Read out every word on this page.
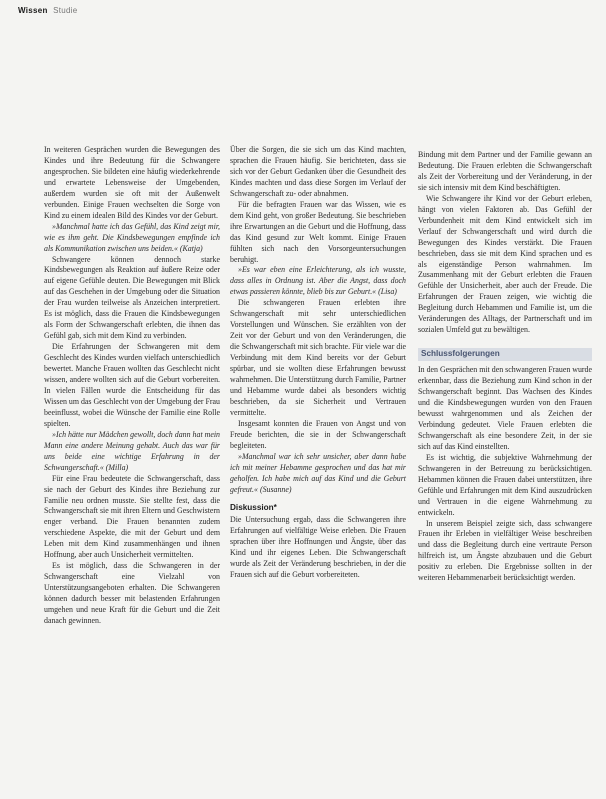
Wissen Studie

In weiteren Gesprächen wurden die Bewegungen des Kindes und ihre Bedeutung für die Schwangere angesprochen. Sie bildeten eine häufig wiederkehrende und erwartete Lebensweise der Umgebenden, außerdem wurden sie oft mit der Außenwelt verbunden. Einige Frauen wechselten die Sorge von Kind zu einem idealen Bild des Kindes vor der Geburt.

»Manchmal hatte ich das Gefühl, das Kind zeigt mir, wie es ihm geht. Die Kindsbewegungen empfinde ich als Kommunikation zwischen uns beiden.« (Katja)

Schwangere können dennoch starke Kindsbewegungen als Reaktion auf äußere Reize oder auf eigene Gefühle deuten. Die Bewegungen mit Blick auf das Geschehen in der Umgebung oder die Situation der Frau wurden teilweise als Anzeichen interpretiert. Es ist möglich, dass die Frauen die Kindsbewegungen als Form der Schwangerschaft erlebten, die ihnen das Gefühl gab, sich mit dem Kind zu verbinden.

Die Erfahrungen der Schwangeren mit dem Geschlecht des Kindes wurden vielfach unterschiedlich bewertet. Manche Frauen wollten das Geschlecht nicht wissen, andere wollten sich auf die Geburt vorbereiten. In vielen Fällen wurde die Entscheidung für das Wissen um das Geschlecht von der Umgebung der Frau beeinflusst, wobei die Wünsche der Familie eine Rolle spielten.

»Ich hätte nur Mädchen gewollt, doch dann hat mein Mann eine andere Meinung gehabt. Auch das war für uns beide eine wichtige Erfahrung in der Schwangerschaft.« (Milla)

Für eine Frau bedeutete die Schwangerschaft, dass sie nach der Geburt des Kindes ihre Beziehung zur Familie neu ordnen musste. Sie stellte fest, dass die Schwangerschaft sie mit ihren Eltern und Geschwistern enger verband. Die Frauen benannten zudem verschiedene Aspekte, die mit der Geburt und dem Leben mit dem Kind zusammenhängen und ihnen Hoffnung, aber auch Unsicherheit vermittelten.

Es ist möglich, dass die Schwangeren in der Schwangerschaft eine Vielzahl von Unterstützungsangeboten erhalten. Die Schwangeren können dadurch besser mit belastenden Erfahrungen umgehen und neue Kraft für die Geburt und die Zeit danach gewinnen.

Über die Sorgen, die sie sich um das Kind machten, sprachen die Frauen häufig. Sie berichteten, dass sie sich vor der Geburt Gedanken über die Gesundheit des Kindes machten und dass diese Sorgen im Verlauf der Schwangerschaft zu- oder abnahmen.

Für die befragten Frauen war das Wissen, wie es dem Kind geht, von großer Bedeutung. Sie beschrieben ihre Erwartungen an die Geburt und die Hoffnung, dass das Kind gesund zur Welt kommt. Einige Frauen fühlten sich nach den Vorsorgeuntersuchungen beruhigt.

»Es war eben eine Erleichterung, als ich wusste, dass alles in Ordnung ist. Aber die Angst, dass doch etwas passieren könnte, blieb bis zur Geburt.« (Lisa)

Die schwangeren Frauen erlebten ihre Schwangerschaft mit sehr unterschiedlichen Vorstellungen und Wünschen. Sie erzählten von der Zeit vor der Geburt und von den Veränderungen, die die Schwangerschaft mit sich brachte. Für viele war die Verbindung mit dem Kind bereits vor der Geburt spürbar, und sie wollten diese Erfahrungen bewusst wahrnehmen. Die Unterstützung durch Familie, Partner und Hebamme wurde dabei als besonders wichtig beschrieben, da sie Sicherheit und Vertrauen vermittelte.

Insgesamt konnten die Frauen von Angst und von Freude berichten, die sie in der Schwangerschaft begleiteten.

»Manchmal war ich sehr unsicher, aber dann habe ich mit meiner Hebamme gesprochen und das hat mir geholfen. Ich habe mich auf das Kind und die Geburt gefreut.« (Susanne)

Diskussion*

Die Untersuchung ergab, dass die Schwangeren ihre Erfahrungen auf vielfältige Weise erleben. Die Frauen sprachen über ihre Hoffnungen und Ängste, über das Kind und ihr eigenes Leben. Die Schwangerschaft wurde als Zeit der Veränderung beschrieben, in der die Frauen sich auf die Geburt vorbereiteten.

Bindung mit dem Partner und der Familie gewann an Bedeutung. Die Frauen erlebten die Schwangerschaft als Zeit der Vorbereitung und der Veränderung, in der sie sich intensiv mit dem Kind beschäftigten.

Wie Schwangere ihr Kind vor der Geburt erleben, hängt von vielen Faktoren ab. Das Gefühl der Verbundenheit mit dem Kind entwickelt sich im Verlauf der Schwangerschaft und wird durch die Bewegungen des Kindes verstärkt. Die Frauen beschrieben, dass sie mit dem Kind sprachen und es als eigenständige Person wahrnahmen. Im Zusammenhang mit der Geburt erlebten die Frauen Gefühle der Unsicherheit, aber auch der Freude. Die Erfahrungen der Frauen zeigen, wie wichtig die Begleitung durch Hebammen und Familie ist, um die Veränderungen des Alltags, der Partnerschaft und im sozialen Umfeld gut zu bewältigen.

Schlussfolgerungen

In den Gesprächen mit den schwangeren Frauen wurde erkennbar, dass die Beziehung zum Kind schon in der Schwangerschaft beginnt. Das Wachsen des Kindes und die Kindsbewegungen wurden von den Frauen bewusst wahrgenommen und als Zeichen der Verbindung gedeutet. Viele Frauen erlebten die Schwangerschaft als eine besondere Zeit, in der sie sich auf das Kind einstellten.

Es ist wichtig, die subjektive Wahrnehmung der Schwangeren in der Betreuung zu berücksichtigen. Hebammen können die Frauen dabei unterstützen, ihre Gefühle und Erfahrungen mit dem Kind auszudrücken und Vertrauen in die eigene Wahrnehmung zu entwickeln.

In unserem Beispiel zeigte sich, dass schwangere Frauen ihr Erleben in vielfältiger Weise beschreiben und dass die Begleitung durch eine vertraute Person hilfreich ist, um Ängste abzubauen und die Geburt positiv zu erleben. Die Ergebnisse sollten in der weiteren Hebammenarbeit berücksichtigt werden.
